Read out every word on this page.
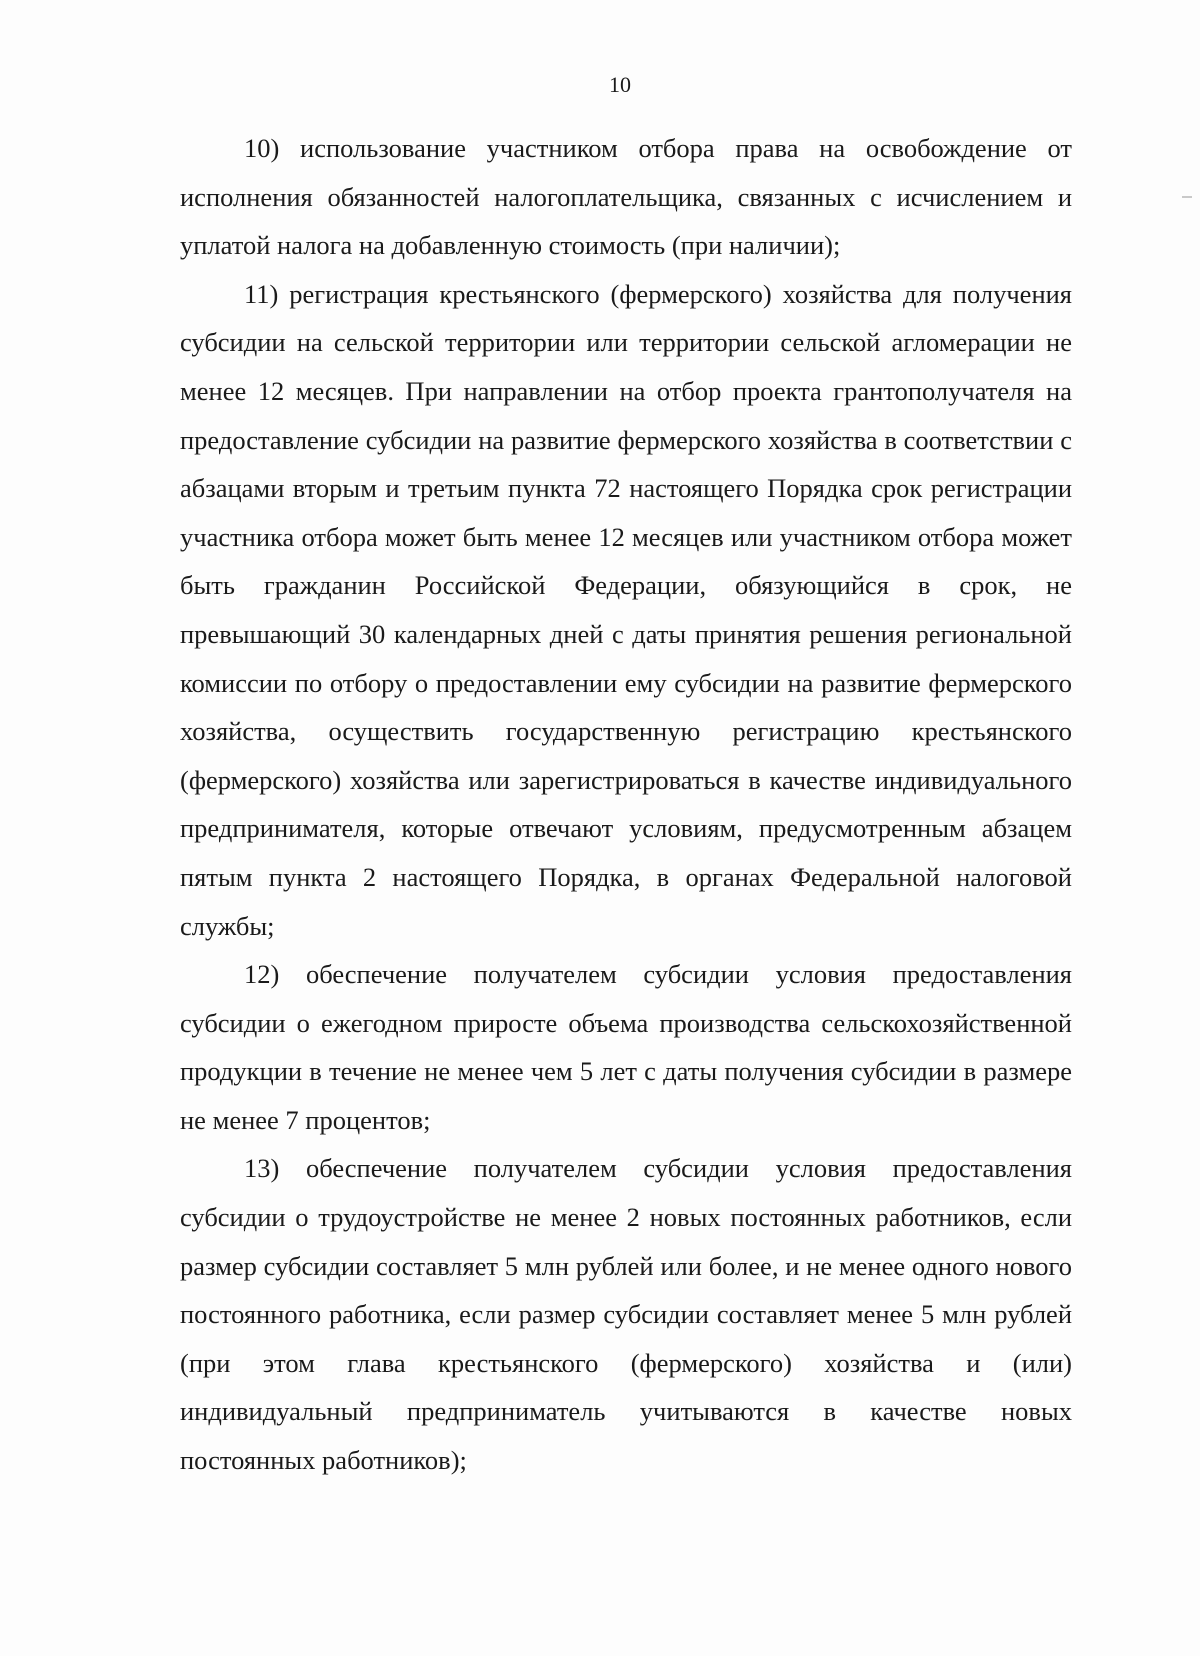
10

10) использование участником отбора права на освобождение от исполнения обязанностей налогоплательщика, связанных с исчислением и уплатой налога на добавленную стоимость (при наличии);

11) регистрация крестьянского (фермерского) хозяйства для получения субсидии на сельской территории или территории сельской агломерации не менее 12 месяцев. При направлении на отбор проекта грантополучателя на предоставление субсидии на развитие фермерского хозяйства в соответствии с абзацами вторым и третьим пункта 72 настоящего Порядка срок регистрации участника отбора может быть менее 12 месяцев или участником отбора может быть гражданин Российской Федерации, обязующийся в срок, не превышающий 30 календарных дней с даты принятия решения региональной комиссии по отбору о предоставлении ему субсидии на развитие фермерского хозяйства, осуществить государственную регистрацию крестьянского (фермерского) хозяйства или зарегистрироваться в качестве индивидуального предпринимателя, которые отвечают условиям, предусмотренным абзацем пятым пункта 2 настоящего Порядка, в органах Федеральной налоговой службы;

12) обеспечение получателем субсидии условия предоставления субсидии о ежегодном приросте объема производства сельскохозяйственной продукции в течение не менее чем 5 лет с даты получения субсидии в размере не менее 7 процентов;

13) обеспечение получателем субсидии условия предоставления субсидии о трудоустройстве не менее 2 новых постоянных работников, если размер субсидии составляет 5 млн рублей или более, и не менее одного нового постоянного работника, если размер субсидии составляет менее 5 млн рублей (при этом глава крестьянского (фермерского) хозяйства и (или) индивидуальный предприниматель учитываются в качестве новых постоянных работников);
